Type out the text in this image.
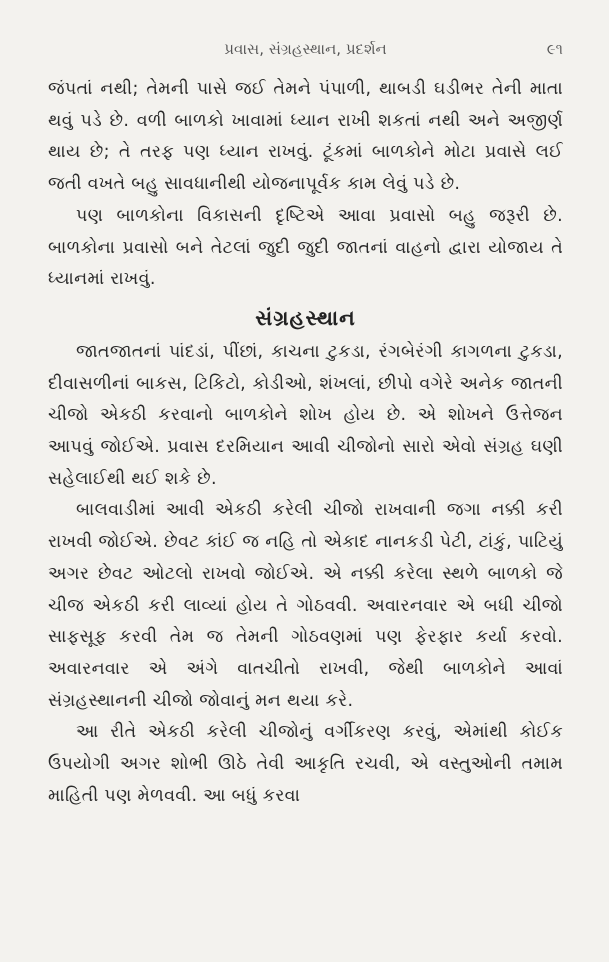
પ્રવાસ, સંગ્રહસ્થાન, પ્રદર્શન	૯૧

જંપતાં નથી; તેમની પાસે જઈ તેમને પંપાળી, થાબડી ઘડીભર તેની માતા થવું પડે છે. વળી બાળકો ખાવામાં ધ્યાન રાખી શકતાં નથી અને અજીર્ણ થાય છે; તે તરફ પણ ધ્યાન રાખવું. ટૂંકમાં બાળકોને મોટા પ્રવાસે લઈ જતી વખતે બહુ સાવધાનીથી યોજનાપૂર્વક કામ લેવું પડે છે.

પણ બાળકોના વિકાસની દૃષ્ટિએ આવા પ્રવાસો બહુ જરૂરી છે. બાળકોના પ્રવાસો બને તેટલાં જુદી જુદી જાતનાં વાહનો દ્વારા યોજાય તે ધ્યાનમાં રાખવું.

સંગ્રહસ્થાન

જાતજાતનાં પાંદડાં, પીંછાં, કાચના ટુકડા, રંગબેરંગી કાગળના ટુકડા, દીવાસળીનાં બાકસ, ટિકિટો, કોડીઓ, શંખલાં, છીપો વગેરે અનેક જાતની ચીજો એકઠી કરવાનો બાળકોને શોખ હોય છે. એ શોખને ઉત્તેજન આપવું જોઈએ. પ્રવાસ દરમિયાન આવી ચીજોનો સારો એવો સંગ્રહ ઘણી સહેલાઈથી થઈ શકે છે.

બાલવાડીમાં આવી એકઠી કરેલી ચીજો રાખવાની જગા નક્કી કરી રાખવી જોઈએ. છેવટ કાંઈ જ નહિ તો એકાદ નાનકડી પેટી, ટાંકું, પાટિયું અગર છેવટ ઓટલો રાખવો જોઈએ. એ નક્કી કરેલા સ્થળે બાળકો જે ચીજ એકઠી કરી લાવ્યાં હોય તે ગોઠવવી. અવારનવાર એ બધી ચીજો સાફસૂફ કરવી તેમ જ તેમની ગોઠવણમાં પણ ફેરફાર કર્યા કરવો. અવારનવાર એ અંગે વાતચીતો રાખવી, જેથી બાળકોને આવાં સંગ્રહસ્થાનની ચીજો જોવાનું મન થયા કરે.

આ રીતે એકઠી કરેલી ચીજોનું વર્ગીકરણ કરવું, એમાંથી કોઈક ઉપયોગી અગર શોભી ઊઠે તેવી આકૃતિ રચવી, એ વસ્તુઓની તમામ માહિતી પણ મેળવવી. આ બધું કરવા
